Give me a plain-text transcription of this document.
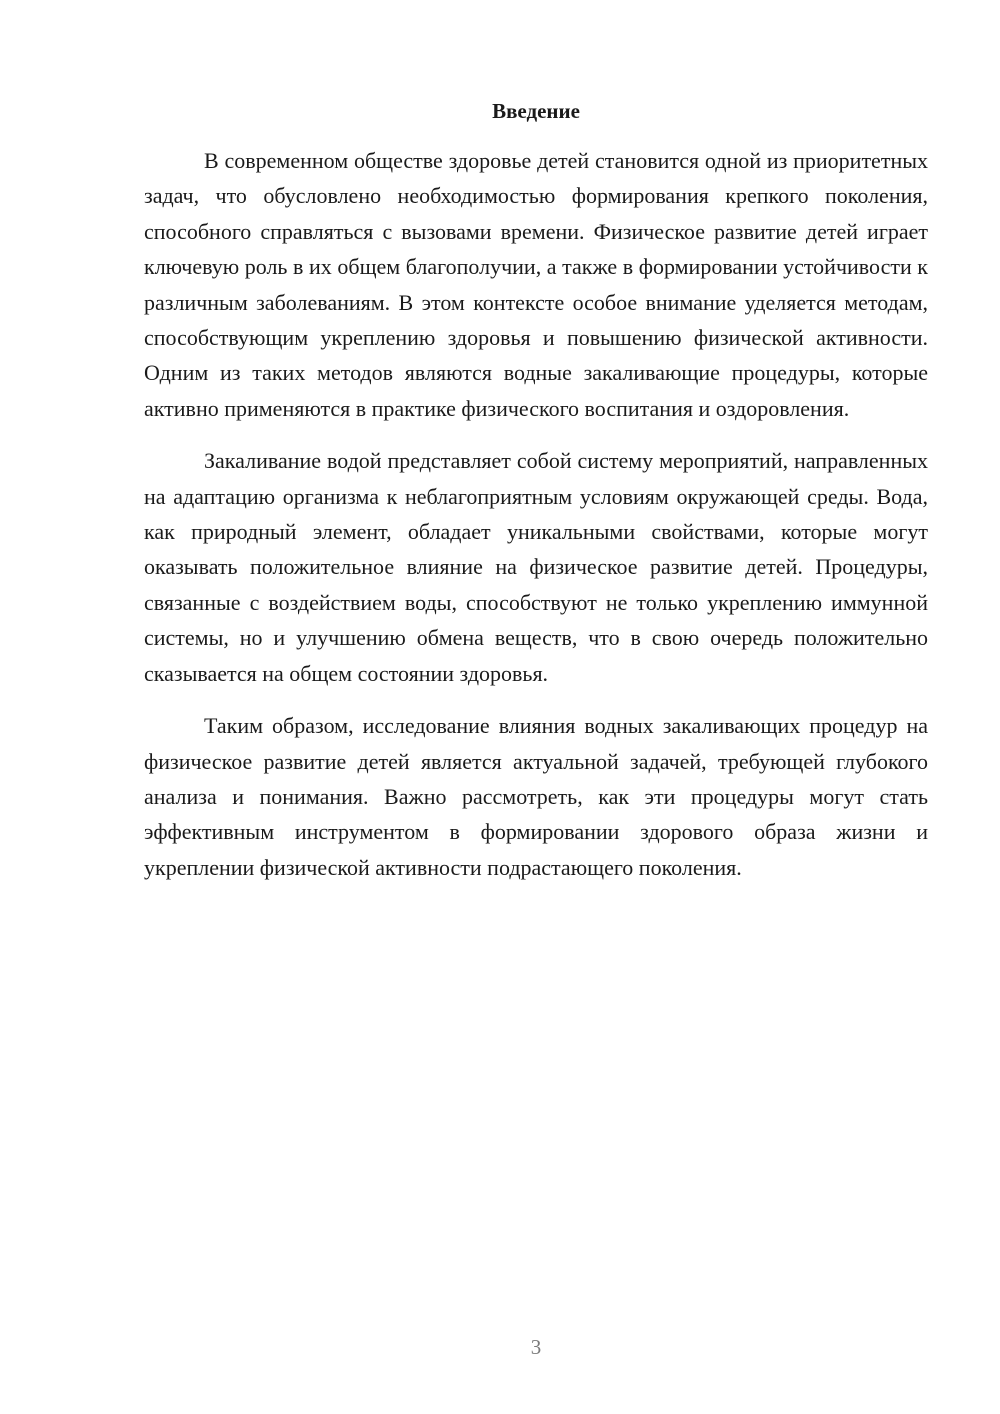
Введение

В современном обществе здоровье детей становится одной из приоритетных задач, что обусловлено необходимостью формирования крепкого поколения, способного справляться с вызовами времени. Физическое развитие детей играет ключевую роль в их общем благополучии, а также в формировании устойчивости к различным заболеваниям. В этом контексте особое внимание уделяется методам, способствующим укреплению здоровья и повышению физической активности. Одним из таких методов являются водные закаливающие процедуры, которые активно применяются в практике физического воспитания и оздоровления.

Закаливание водой представляет собой систему мероприятий, направленных на адаптацию организма к неблагоприятным условиям окружающей среды. Вода, как природный элемент, обладает уникальными свойствами, которые могут оказывать положительное влияние на физическое развитие детей. Процедуры, связанные с воздействием воды, способствуют не только укреплению иммунной системы, но и улучшению обмена веществ, что в свою очередь положительно сказывается на общем состоянии здоровья.

Таким образом, исследование влияния водных закаливающих процедур на физическое развитие детей является актуальной задачей, требующей глубокого анализа и понимания. Важно рассмотреть, как эти процедуры могут стать эффективным инструментом в формировании здорового образа жизни и укреплении физической активности подрастающего поколения.

3
